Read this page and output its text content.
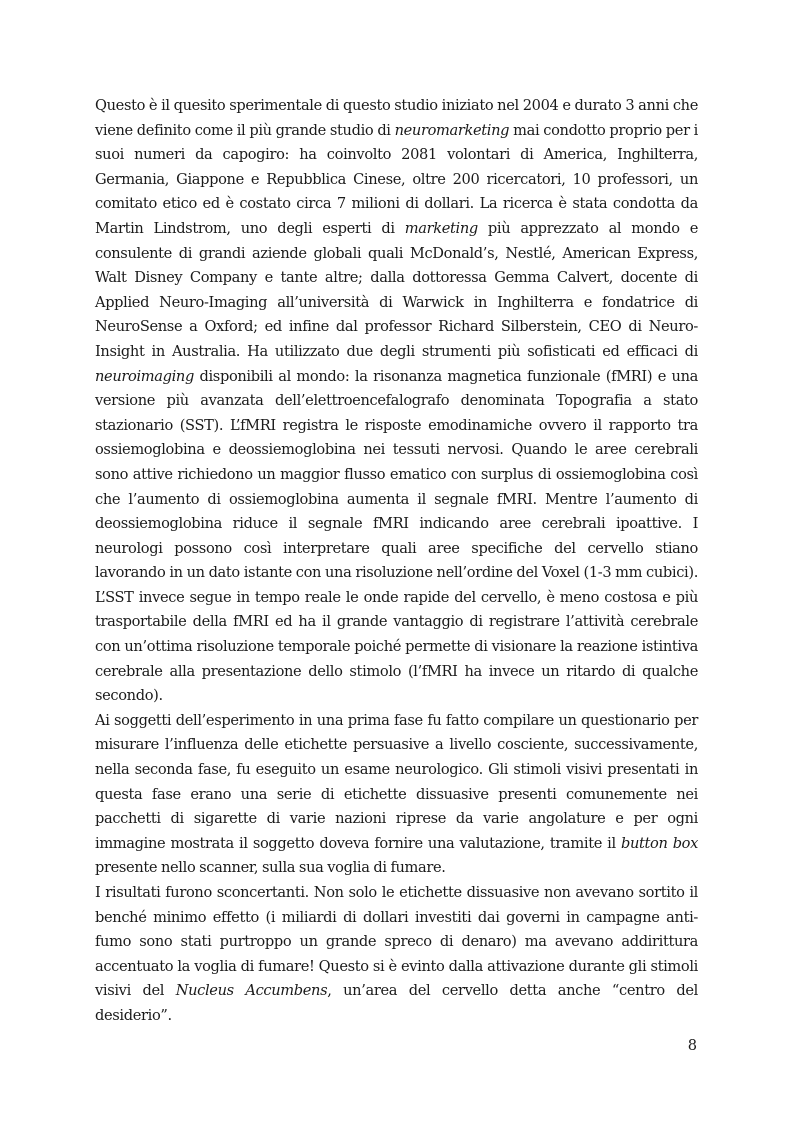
Questo è il quesito sperimentale di questo studio iniziato nel 2004 e durato 3 anni che viene definito come il più grande studio di neuromarketing mai condotto proprio per i suoi numeri da capogiro: ha coinvolto 2081 volontari di America, Inghilterra, Germania, Giappone e Repubblica Cinese, oltre 200 ricercatori, 10 professori, un comitato etico ed è costato circa 7 milioni di dollari. La ricerca è stata condotta da Martin Lindstrom, uno degli esperti di marketing più apprezzato al mondo e consulente di grandi aziende globali quali McDonald’s, Nestlé, American Express, Walt Disney Company e tante altre; dalla dottoressa Gemma Calvert, docente di Applied Neuro-Imaging all’università di Warwick in Inghilterra e fondatrice di NeuroSense a Oxford; ed infine dal professor Richard Silberstein, CEO di Neuro-Insight in Australia. Ha utilizzato due degli strumenti più sofisticati ed efficaci di neuroimaging disponibili al mondo: la risonanza magnetica funzionale (fMRI) e una versione più avanzata dell’elettroencefalografo denominata Topografia a stato stazionario (SST). L’fMRI registra le risposte emodinamiche ovvero il rapporto tra ossiemoglobina e deossiemoglobina nei tessuti nervosi. Quando le aree cerebrali sono attive richiedono un maggior flusso ematico con surplus di ossiemoglobina così che l’aumento di ossiemoglobina aumenta il segnale fMRI. Mentre l’aumento di deossiemoglobina riduce il segnale fMRI indicando aree cerebrali ipoattive. I neurologi possono così interpretare quali aree specifiche del cervello stiano lavorando in un dato istante con una risoluzione nell’ordine del Voxel (1-3 mm cubici). L’SST invece segue in tempo reale le onde rapide del cervello, è meno costosa e più trasportabile della fMRI ed ha il grande vantaggio di registrare l’attività cerebrale con un’ottima risoluzione temporale poiché permette di visionare la reazione istintiva cerebrale alla presentazione dello stimolo (l’fMRI ha invece un ritardo di qualche secondo).

Ai soggetti dell’esperimento in una prima fase fu fatto compilare un questionario per misurare l’influenza delle etichette persuasive a livello cosciente, successivamente, nella seconda fase, fu eseguito un esame neurologico. Gli stimoli visivi presentati in questa fase erano una serie di etichette dissuasive presenti comunemente nei pacchetti di sigarette di varie nazioni riprese da varie angolature e per ogni immagine mostrata il soggetto doveva fornire una valutazione, tramite il button box presente nello scanner, sulla sua voglia di fumare.

I risultati furono sconcertanti. Non solo le etichette dissuasive non avevano sortito il benché minimo effetto (i miliardi di dollari investiti dai governi in campagne anti-fumo sono stati purtroppo un grande spreco di denaro) ma avevano addirittura accentuato la voglia di fumare! Questo si è evinto dalla attivazione durante gli stimoli visivi del Nucleus Accumbens, un’area del cervello detta anche “centro del desiderio”.

8
